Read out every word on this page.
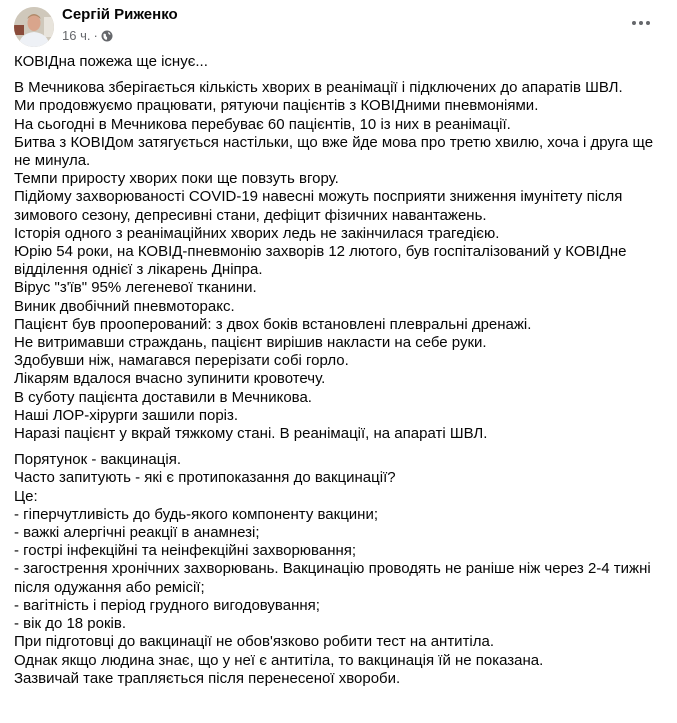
Сергій Риженко
16 ч. ·
КОВІДна пожежа ще існує...
В Мечникова зберігається кількість хворих в реанімації і підключених до апаратів ШВЛ.
Ми продовжуємо працювати, рятуючи пацієнтів з КОВІДними пневмоніями.
На сьогодні в Мечникова перебуває 60 пацієнтів, 10 із них в реанімації.
Битва з КОВІДом затягується настільки, що вже йде мова про третю хвилю, хоча і друга ще не минула.
Темпи приросту хворих поки ще повзуть вгору.
Підйому захворюваності COVID-19 навесні можуть посприяти зниження імунітету після зимового сезону, депресивні стани, дефіцит фізичних навантажень.
Історія одного з реанімаційних хворих ледь не закінчилася трагедією.
Юрію 54 роки, на КОВІД-пневмонію захворів 12 лютого, був госпіталізований у КОВІДне відділення однієї з лікарень Дніпра.
Вірус "з'їв" 95% легеневої тканини.
Виник двобічний пневмоторакс.
Пацієнт був прооперований: з двох боків встановлені плевральні дренажі.
Не витримавши страждань, пацієнт вирішив накласти на себе руки.
Здобувши ніж, намагався перерізати собі горло.
Лікарям вдалося вчасно зупинити кровотечу.
В суботу пацієнта доставили в Мечникова.
Наші ЛОР-хірурги зашили поріз.
Наразі пацієнт у вкрай тяжкому стані. В реанімації, на апараті ШВЛ.
Порятунок - вакцинація.
Часто запитують - які є протипоказання до вакцинації?
Це:
- гіперчутливість до будь-якого компоненту вакцини;
- важкі алергічні реакції в анамнезі;
- гострі інфекційні та неінфекційні захворювання;
- загострення хронічних захворювань. Вакцинацію проводять не раніше ніж через 2-4 тижні після одужання або ремісії;
- вагітність і період грудного вигодовування;
- вік до 18 років.
При підготовці до вакцинації не обов'язково робити тест на антитіла.
Однак якщо людина знає, що у неї є антитіла, то вакцинація їй не показана.
Зазвичай таке трапляється після перенесеної хвороби.
